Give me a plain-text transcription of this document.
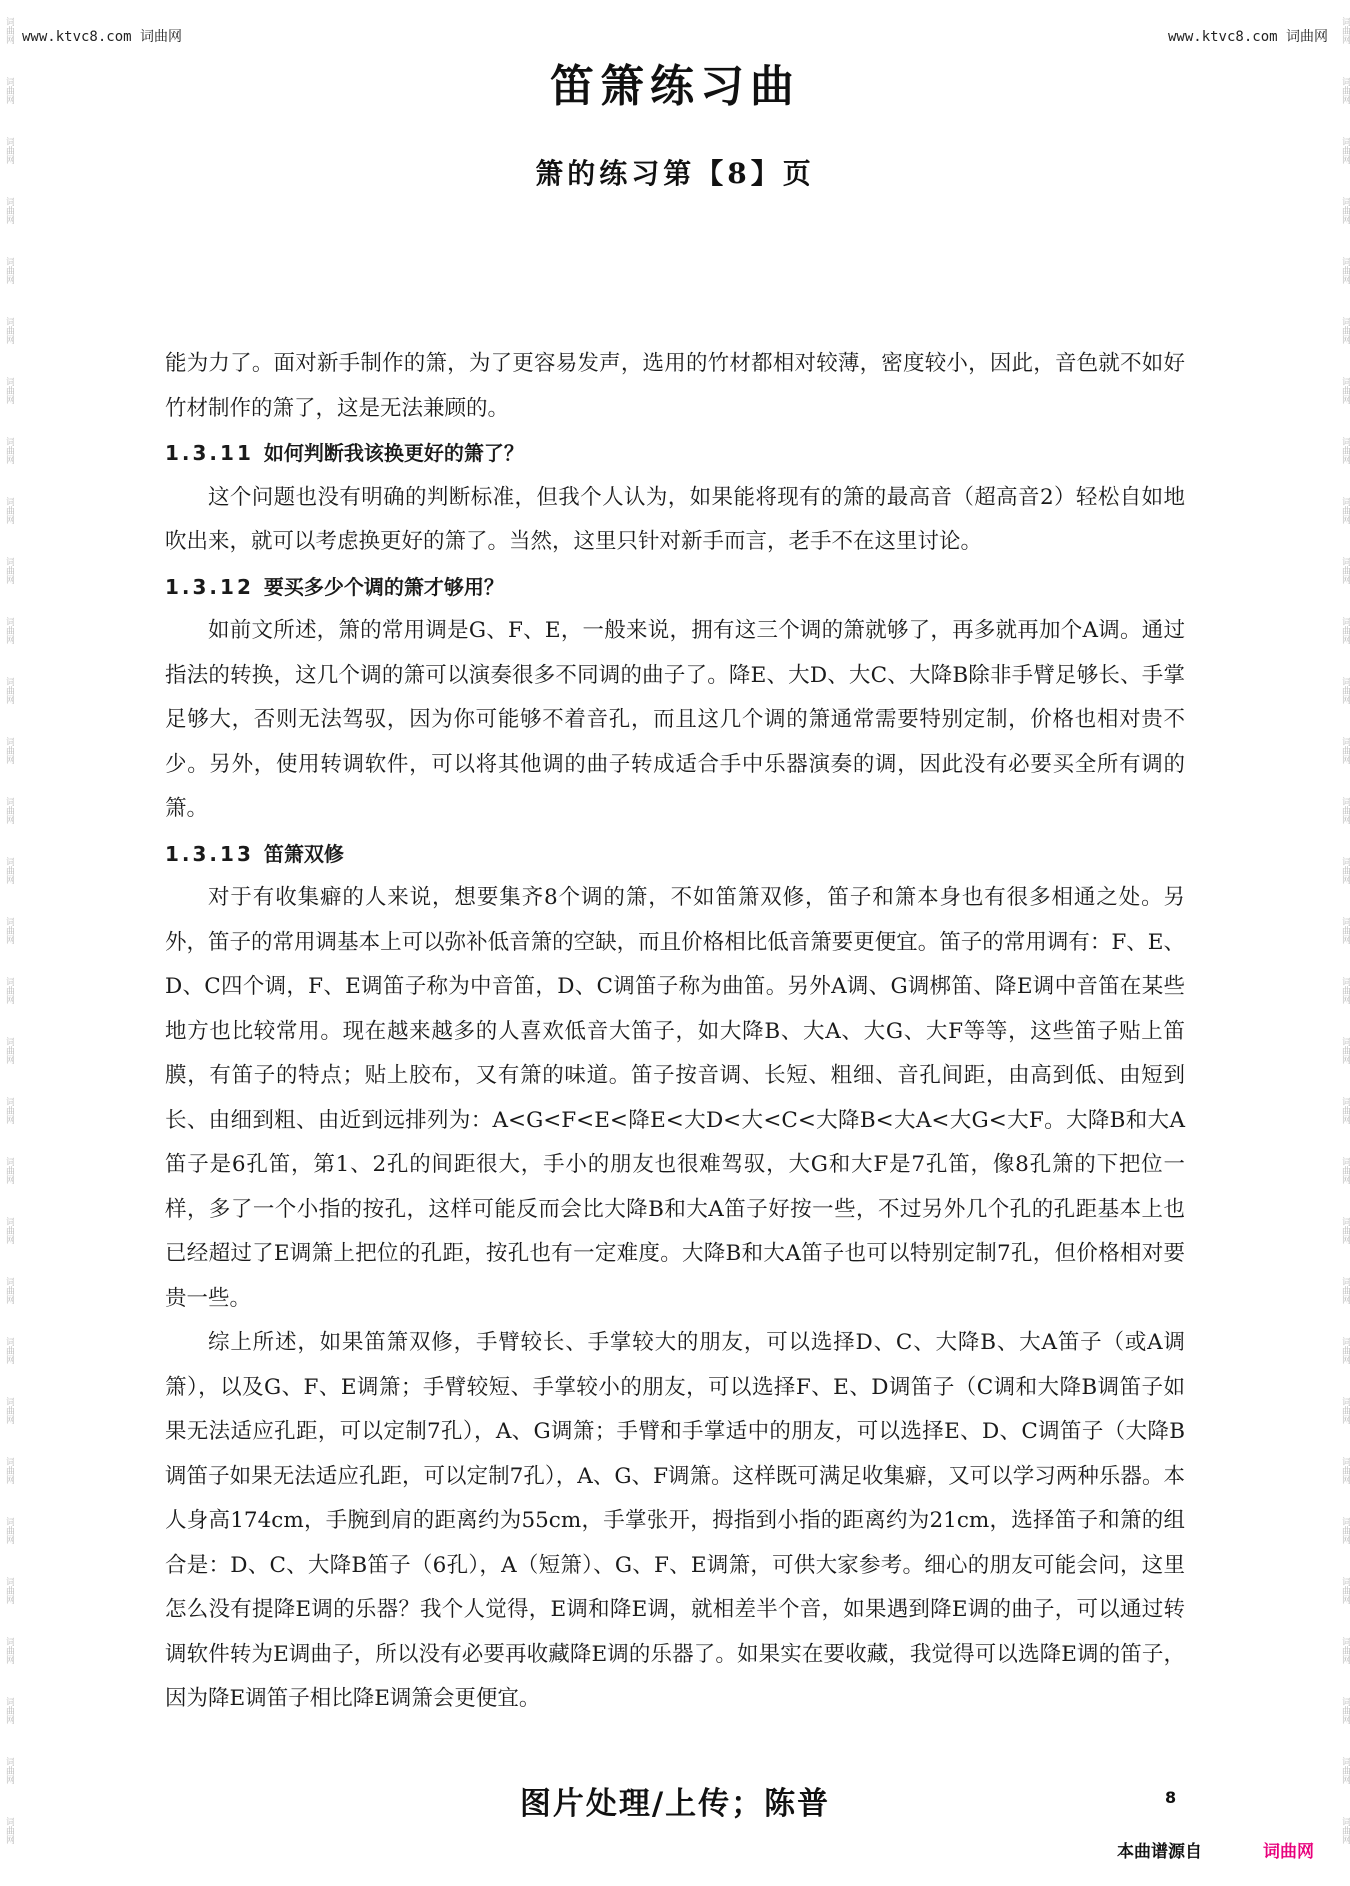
词曲网
词曲网
词曲网
词曲网
词曲网
词曲网
词曲网
词曲网
词曲网
词曲网
词曲网
词曲网
词曲网
词曲网
词曲网
词曲网
词曲网
词曲网
词曲网
词曲网
词曲网
词曲网
词曲网
词曲网
词曲网
词曲网
词曲网
词曲网
词曲网
词曲网
词曲网
词曲网
词曲网
词曲网
词曲网
词曲网
词曲网
词曲网
词曲网
词曲网
词曲网
词曲网
词曲网
词曲网
词曲网
词曲网
词曲网
词曲网
词曲网
词曲网
词曲网
词曲网
词曲网
词曲网
词曲网
词曲网
词曲网
词曲网
词曲网
词曲网
词曲网
词曲网
www.ktvc8.com 词曲网	www.ktvc8.com 词曲网
笛箫练习曲
箫的练习第【8】页

能为力了。面对新手制作的箫，为了更容易发声，选用的竹材都相对较薄，密度较小，因此，音色就不如好竹材制作的箫了，这是无法兼顾的。

1.3.11 如何判断我该换更好的箫了？

这个问题也没有明确的判断标准，但我个人认为，如果能将现有的箫的最高音（超高音2）轻松自如地吹出来，就可以考虑换更好的箫了。当然，这里只针对新手而言，老手不在这里讨论。

1.3.12 要买多少个调的箫才够用？

如前文所述，箫的常用调是G、F、E，一般来说，拥有这三个调的箫就够了，再多就再加个A调。通过指法的转换，这几个调的箫可以演奏很多不同调的曲子了。降E、大D、大C、大降B除非手臂足够长、手掌足够大，否则无法驾驭，因为你可能够不着音孔，而且这几个调的箫通常需要特别定制，价格也相对贵不少。另外，使用转调软件，可以将其他调的曲子转成适合手中乐器演奏的调，因此没有必要买全所有调的箫。

1.3.13 笛箫双修

对于有收集癖的人来说，想要集齐8个调的箫，不如笛箫双修，笛子和箫本身也有很多相通之处。另外，笛子的常用调基本上可以弥补低音箫的空缺，而且价格相比低音箫要更便宜。笛子的常用调有：F、E、D、C四个调，F、E调笛子称为中音笛，D、C调笛子称为曲笛。另外A调、G调梆笛、降E调中音笛在某些地方也比较常用。现在越来越多的人喜欢低音大笛子，如大降B、大A、大G、大F等等，这些笛子贴上笛膜，有笛子的特点；贴上胶布，又有箫的味道。笛子按音调、长短、粗细、音孔间距，由高到低、由短到长、由细到粗、由近到远排列为：A<G<F<E<降E<大D<大<C<大降B<大A<大G<大F。大降B和大A笛子是6孔笛，第1、2孔的间距很大，手小的朋友也很难驾驭，大G和大F是7孔笛，像8孔箫的下把位一样，多了一个小指的按孔，这样可能反而会比大降B和大A笛子好按一些，不过另外几个孔的孔距基本上也已经超过了E调箫上把位的孔距，按孔也有一定难度。大降B和大A笛子也可以特别定制7孔，但价格相对要贵一些。

综上所述，如果笛箫双修，手臂较长、手掌较大的朋友，可以选择D、C、大降B、大A笛子（或A调箫），以及G、F、E调箫；手臂较短、手掌较小的朋友，可以选择F、E、D调笛子（C调和大降B调笛子如果无法适应孔距，可以定制7孔），A、G调箫；手臂和手掌适中的朋友，可以选择E、D、C调笛子（大降B调笛子如果无法适应孔距，可以定制7孔），A、G、F调箫。这样既可满足收集癖，又可以学习两种乐器。本人身高174cm，手腕到肩的距离约为55cm，手掌张开，拇指到小指的距离约为21cm，选择笛子和箫的组合是：D、C、大降B笛子（6孔），A（短箫）、G、F、E调箫，可供大家参考。细心的朋友可能会问，这里怎么没有提降E调的乐器？我个人觉得，E调和降E调，就相差半个音，如果遇到降E调的曲子，可以通过转调软件转为E调曲子，所以没有必要再收藏降E调的乐器了。如果实在要收藏，我觉得可以选降E调的笛子，因为降E调笛子相比降E调箫会更便宜。

图片处理/上传；陈普	8
本曲谱源自	词曲网
